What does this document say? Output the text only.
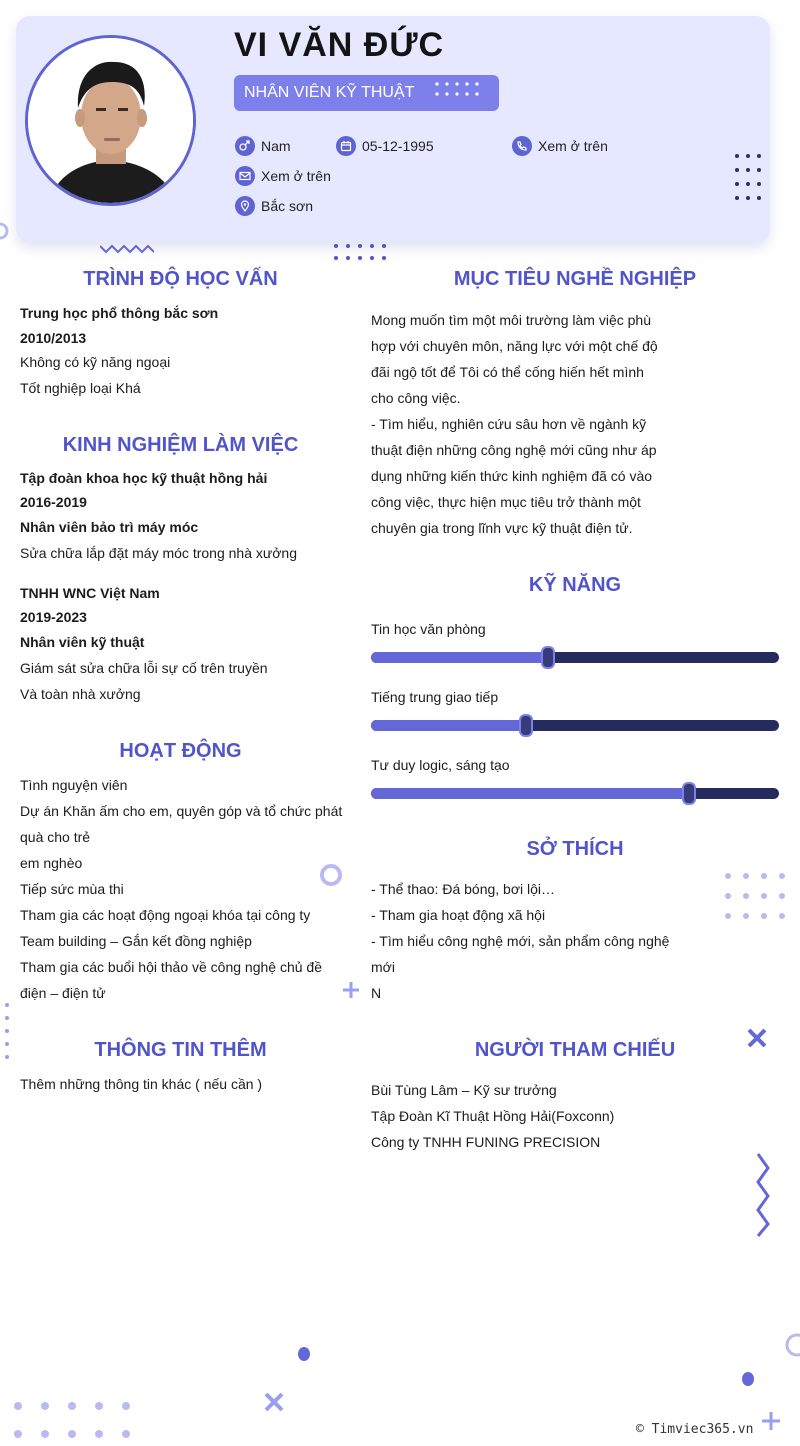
VI VĂN ĐỨC
NHÂN VIÊN KỸ THUẬT
Nam	05-12-1995	Xem ở trên
Xem ở trên
Bắc sơn
TRÌNH ĐỘ HỌC VẤN
Trung học phổ thông bắc sơn
2010/2013
Không có kỹ năng ngoại
Tốt nghiệp loại Khá
KINH NGHIỆM LÀM VIỆC
Tập đoàn khoa học kỹ thuật hồng hải
2016-2019
Nhân viên bảo trì máy móc
Sửa chữa lắp đặt máy móc trong nhà xưởng
TNHH WNC Việt Nam
2019-2023
Nhân viên kỹ thuật
Giám sát sửa chữa lỗi sự cố trên truyền
Và toàn nhà xưởng
HOẠT ĐỘNG
Tình nguyện viên
Dự án Khăn ấm cho em, quyên góp và tổ chức phát
quà cho trẻ
em nghèo
Tiếp sức mùa thi
Tham gia các hoạt động ngoại khóa tại công ty
Team building – Gắn kết đồng nghiệp
Tham gia các buổi hội thảo về công nghệ chủ đề
điện – điện tử
THÔNG TIN THÊM
Thêm những thông tin khác ( nếu cần )
MỤC TIÊU NGHỀ NGHIỆP

Mong muốn tìm một môi trường làm việc phù

hợp với chuyên môn, năng lực với một chế độ

đãi ngộ tốt để Tôi có thể cống hiến hết mình

cho công việc.

- Tìm hiểu, nghiên cứu sâu hơn về ngành kỹ

thuật điện những công nghệ mới cũng như áp

dụng những kiến thức kinh nghiệm đã có vào

công việc, thực hiện mục tiêu trở thành một

chuyên gia trong lĩnh vực kỹ thuật điện tử.

KỸ NĂNG
Tin học văn phòng
Tiếng trung giao tiếp
Tư duy logic, sáng tạo
SỞ THÍCH
- Thể thao: Đá bóng, bơi lội…
- Tham gia hoạt động xã hội
- Tìm hiểu công nghệ mới, sản phẩm công nghệ
mới
N
NGƯỜI THAM CHIẾU
Bùi Tùng Lâm – Kỹ sư trưởng
Tập Đoàn Kĩ Thuật Hồng Hải(Foxconn)
Công ty TNHH FUNING PRECISION
© Timviec365.vn
